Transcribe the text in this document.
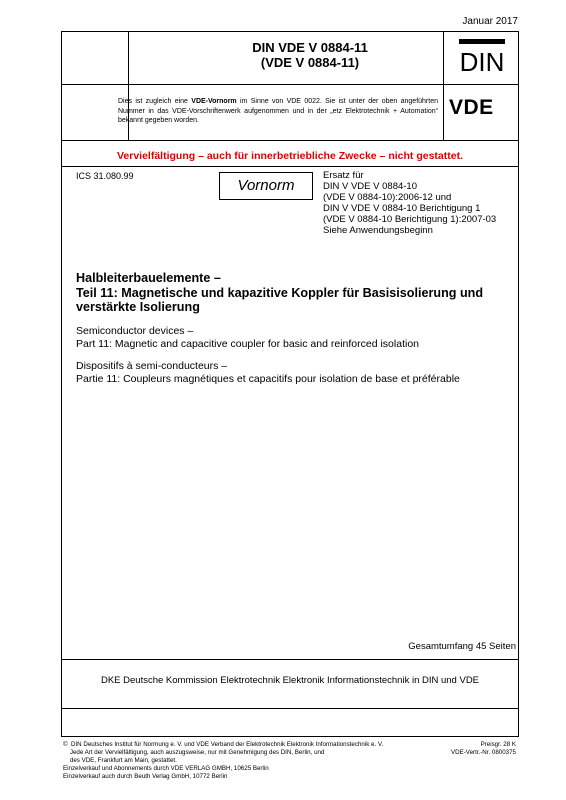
Januar 2017
DIN VDE V 0884-11
(VDE V 0884-11)	DIN
Dies ist zugleich eine VDE-Vornorm im Sinne von VDE 0022. Sie ist unter der oben angeführten Nummer in das VDE-Vorschriftenwerk aufgenommen und in der „etz Elektrotechnik + Automation“ bekannt gegeben worden.
VDE
Vervielfältigung – auch für innerbetriebliche Zwecke – nicht gestattet.
ICS 31.080.99
Vornorm
Ersatz für
DIN V VDE V 0884-10
(VDE V 0884-10):2006-12 und
DIN V VDE V 0884-10 Berichtigung 1
(VDE V 0884-10 Berichtigung 1):2007-03
Siehe Anwendungsbeginn
Halbleiterbauelemente –
Teil 11: Magnetische und kapazitive Koppler für Basisisolierung und verstärkte Isolierung
Semiconductor devices –
Part 11: Magnetic and capacitive coupler for basic and reinforced isolation
Dispositifs à semi-conducteurs –
Partie 11: Coupleurs magnétiques et capacitifs pour isolation de base et préférable
Gesamtumfang 45 Seiten
DKE Deutsche Kommission Elektrotechnik Elektronik Informationstechnik in DIN und VDE
©  DIN Deutsches Institut für Normung e. V. und VDE Verband der Elektrotechnik Elektronik Informationstechnik e. V.
Jede Art der Vervielfältigung, auch auszugsweise, nur mit Genehmigung des DIN, Berlin, und
des VDE, Frankfurt am Main, gestattet.
Einzelverkauf und Abonnements durch VDE VERLAG GMBH, 10625 Berlin
Einzelverkauf auch durch Beuth Verlag GmbH, 10772 Berlin
Preisgr. 28 K
VDE-Vertr.-Nr. 0800375
